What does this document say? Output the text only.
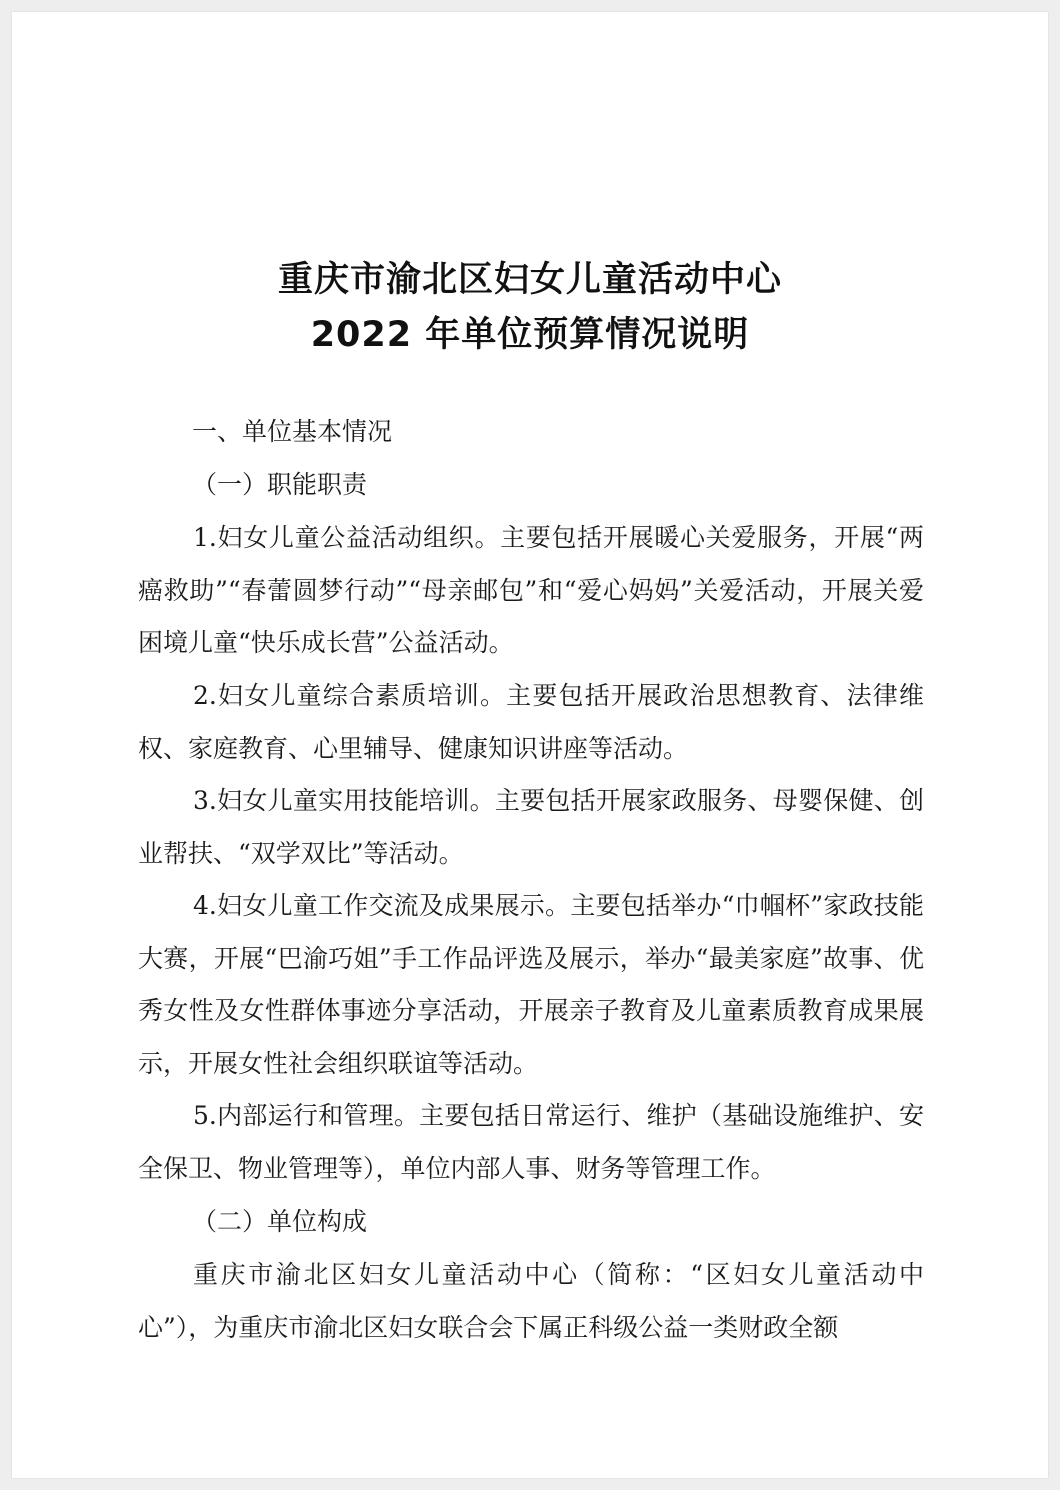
重庆市渝北区妇女儿童活动中心
2022 年单位预算情况说明
一、单位基本情况
（一）职能职责

1.妇女儿童公益活动组织。主要包括开展暖心关爱服务，开展“两癌救助”“春蕾圆梦行动”“母亲邮包”和“爱心妈妈”关爱活动，开展关爱困境儿童“快乐成长营”公益活动。

2.妇女儿童综合素质培训。主要包括开展政治思想教育、法律维权、家庭教育、心里辅导、健康知识讲座等活动。

3.妇女儿童实用技能培训。主要包括开展家政服务、母婴保健、创业帮扶、“双学双比”等活动。

4.妇女儿童工作交流及成果展示。主要包括举办“巾帼杯”家政技能大赛，开展“巴渝巧姐”手工作品评选及展示，举办“最美家庭”故事、优秀女性及女性群体事迹分享活动，开展亲子教育及儿童素质教育成果展示，开展女性社会组织联谊等活动。

5.内部运行和管理。主要包括日常运行、维护（基础设施维护、安全保卫、物业管理等），单位内部人事、财务等管理工作。

（二）单位构成

重庆市渝北区妇女儿童活动中心（简称：“区妇女儿童活动中心”），为重庆市渝北区妇女联合会下属正科级公益一类财政全额
